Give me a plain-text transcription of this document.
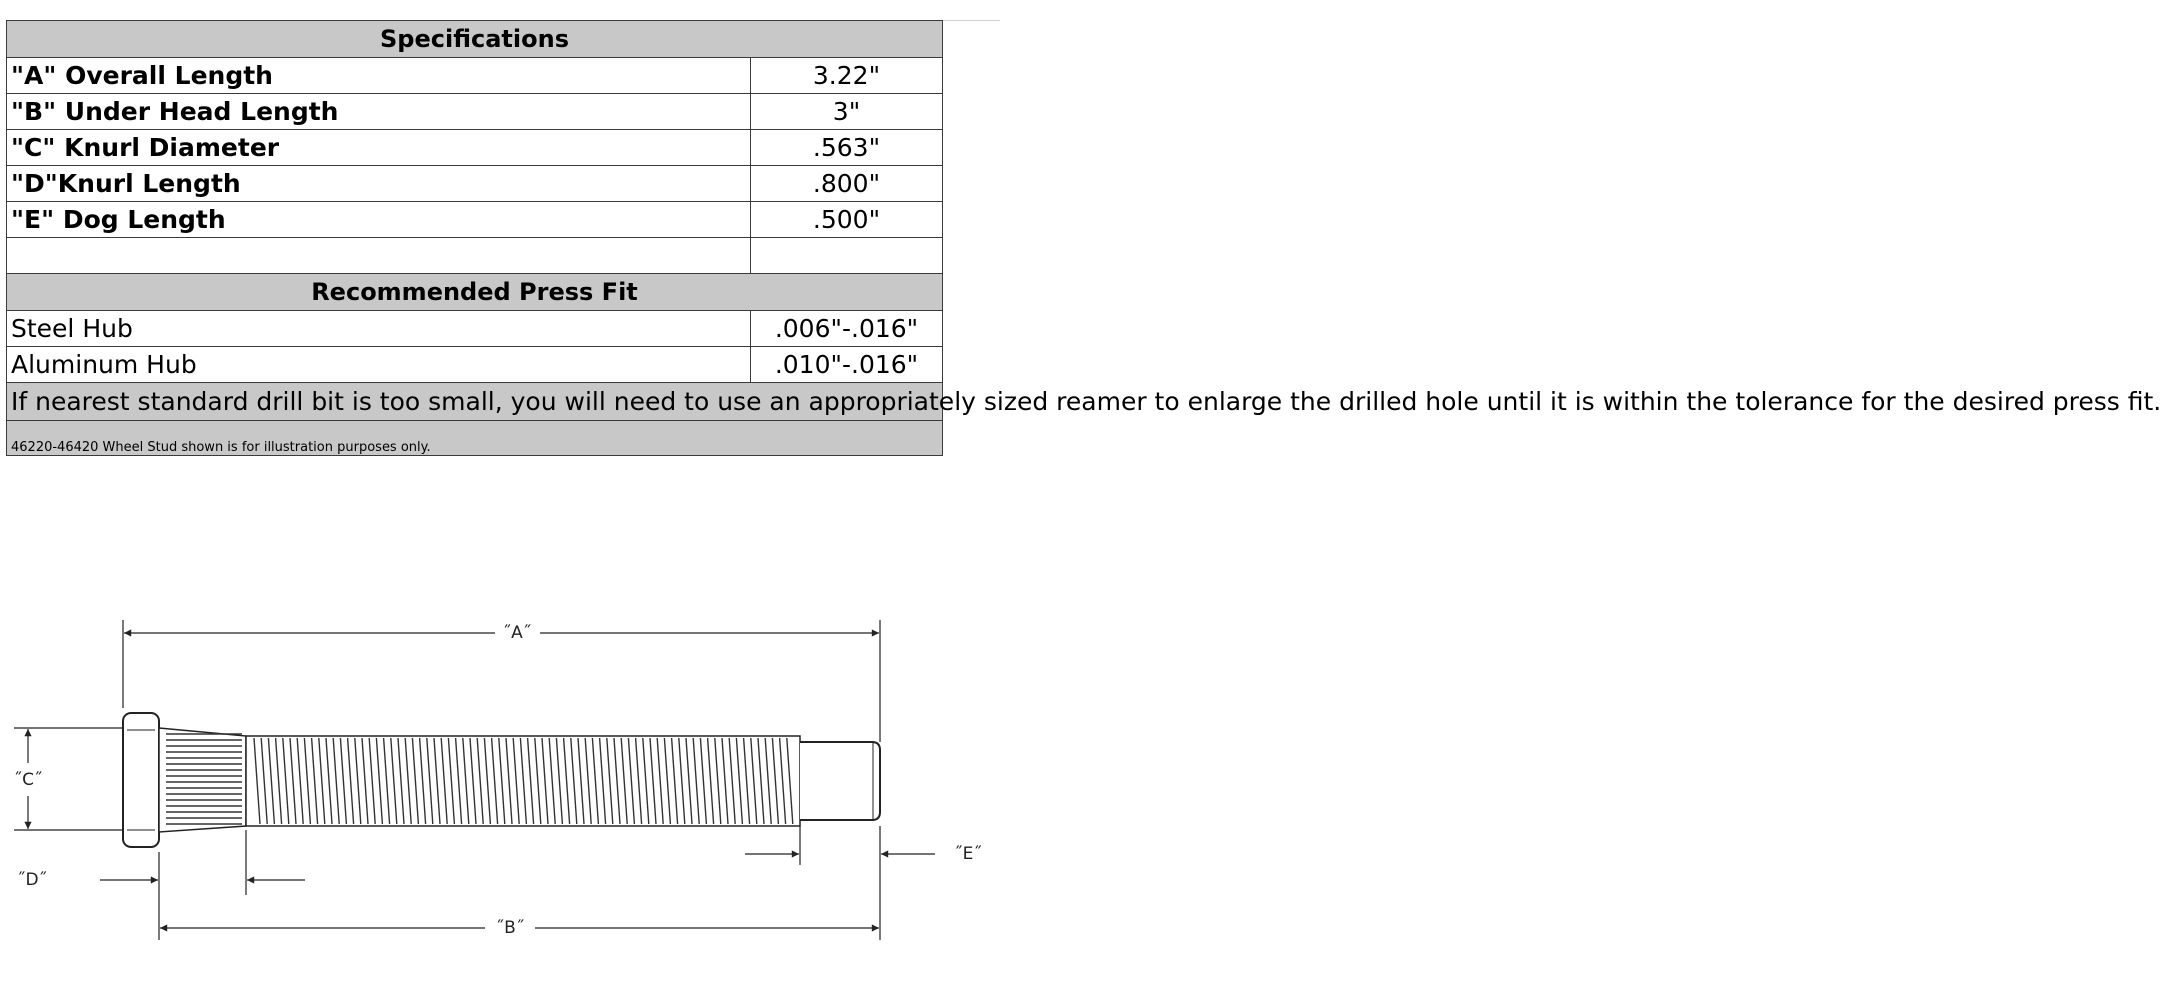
Specifications	
"A" Overall Length	3.22"
"B" Under Head Length	3"
"C" Knurl Diameter	.563"
"D"Knurl Length	.800"
"E" Dog Length	.500"

Recommended Press Fit	
Steel Hub	.006"-.016"
Aluminum Hub	.010"-.016"
If nearest standard drill bit is too small, you will need to use an appropriately sized reamer to enlarge the drilled hole until it is within the tolerance for the desired press fit.	
46220-46420 Wheel Stud shown is for illustration purposes only.	
˝A˝
˝B˝
˝C˝
˝D˝
˝E˝
